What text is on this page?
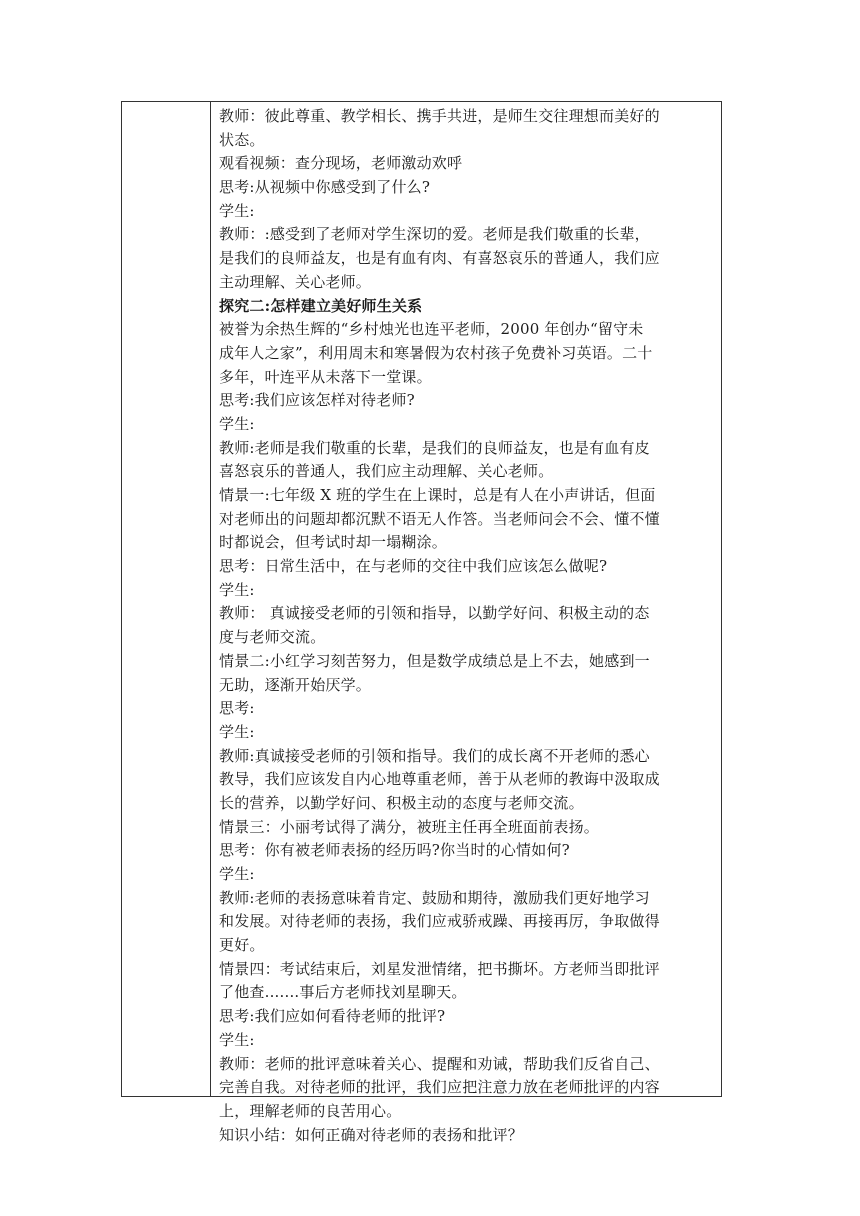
教师：彼此尊重、教学相长、携手共进，是师生交往理想而美好的
状态。
观看视频：查分现场，老师激动欢呼
思考:从视频中你感受到了什么?
学生:
教师：:感受到了老师对学生深切的爱。老师是我们敬重的长辈，
是我们的良师益友，也是有血有肉、有喜怒哀乐的普通人，我们应
主动理解、关心老师。
探究二:怎样建立美好师生关系
被誉为余热生辉的“乡村烛光也连平老师，2000 年创办“留守未
成年人之家”，利用周末和寒暑假为农村孩子免费补习英语。二十
多年，叶连平从未落下一堂课。
思考:我们应该怎样对待老师?
学生:
教师:老师是我们敬重的长辈，是我们的良师益友，也是有血有皮
喜怒哀乐的普通人，我们应主动理解、关心老师。
情景一:七年级 X 班的学生在上课时，总是有人在小声讲话，但面
对老师出的问题却都沉默不语无人作答。当老师问会不会、懂不懂
时都说会，但考试时却一塌糊涂。
思考：日常生活中，在与老师的交往中我们应该怎么做呢?
学生:
教师： 真诚接受老师的引领和指导，以勤学好问、积极主动的态
度与老师交流。
情景二:小红学习刻苦努力，但是数学成绩总是上不去，她感到一
无助，逐渐开始厌学。
思考:
学生:
教师:真诚接受老师的引领和指导。我们的成长离不开老师的悉心
教导，我们应该发自内心地尊重老师，善于从老师的教诲中汲取成
长的营养，以勤学好问、积极主动的态度与老师交流。
情景三：小丽考试得了满分，被班主任再全班面前表扬。
思考：你有被老师表扬的经历吗?你当时的心情如何?
学生:
教师:老师的表扬意味着肯定、鼓励和期待，激励我们更好地学习
和发展。对待老师的表扬，我们应戒骄戒躁、再接再厉，争取做得
更好。
情景四：考试结束后，刘星发泄情绪，把书撕坏。方老师当即批评
了他查.......事后方老师找刘星聊天。
思考:我们应如何看待老师的批评?
学生:
教师：老师的批评意味着关心、提醒和劝诫，帮助我们反省自己、
完善自我。对待老师的批评，我们应把注意力放在老师批评的内容
上，理解老师的良苦用心。
知识小结：如何正确对待老师的表扬和批评？
